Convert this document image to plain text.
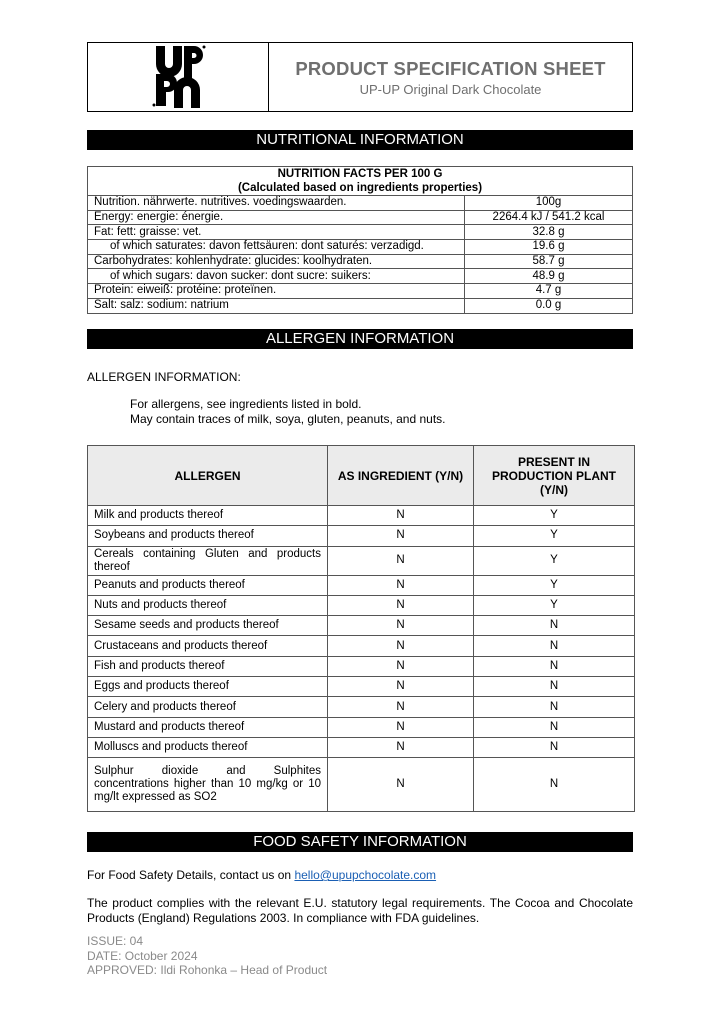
PRODUCT SPECIFICATION SHEET
UP-UP Original Dark Chocolate
NUTRITIONAL INFORMATION
NUTRITION FACTS PER 100 G
(Calculated based on ingredients properties)	
Nutrition. nährwerte. nutritives. voedingswaarden.	100g
Energy: energie: énergie.	2264.4 kJ / 541.2 kcal
Fat: fett: graisse: vet.	32.8 g
of which saturates: davon fettsäuren: dont saturés: verzadigd.	19.6 g
Carbohydrates: kohlenhydrate: glucides: koolhydraten.	58.7 g
of which sugars: davon sucker: dont sucre: suikers:	48.9 g
Protein: eiweiß: protéine: proteïnen.	4.7 g
Salt: salz: sodium: natrium	0.0 g
ALLERGEN INFORMATION
ALLERGEN INFORMATION:
For allergens, see ingredients listed in bold.
May contain traces of milk, soya, gluten, peanuts, and nuts.
ALLERGEN	AS INGREDIENT (Y/N)	PRESENT IN PRODUCTION PLANT (Y/N)
Milk and products thereof	N	Y
Soybeans and products thereof	N	Y
Cereals containing Gluten and products thereof	N	Y
Peanuts and products thereof	N	Y
Nuts and products thereof	N	Y
Sesame seeds and products thereof	N	N
Crustaceans and products thereof	N	N
Fish and products thereof	N	N
Eggs and products thereof	N	N
Celery and products thereof	N	N
Mustard and products thereof	N	N
Molluscs and products thereof	N	N
Sulphur dioxide and Sulphites concentrations higher than 10 mg/kg or 10 mg/lt expressed as SO2	N	N
FOOD SAFETY INFORMATION
For Food Safety Details, contact us on hello@upupchocolate.com
The product complies with the relevant E.U. statutory legal requirements. The Cocoa and Chocolate Products (England) Regulations 2003. In compliance with FDA guidelines.
ISSUE: 04
DATE: October 2024
APPROVED: Ildi Rohonka – Head of Product
